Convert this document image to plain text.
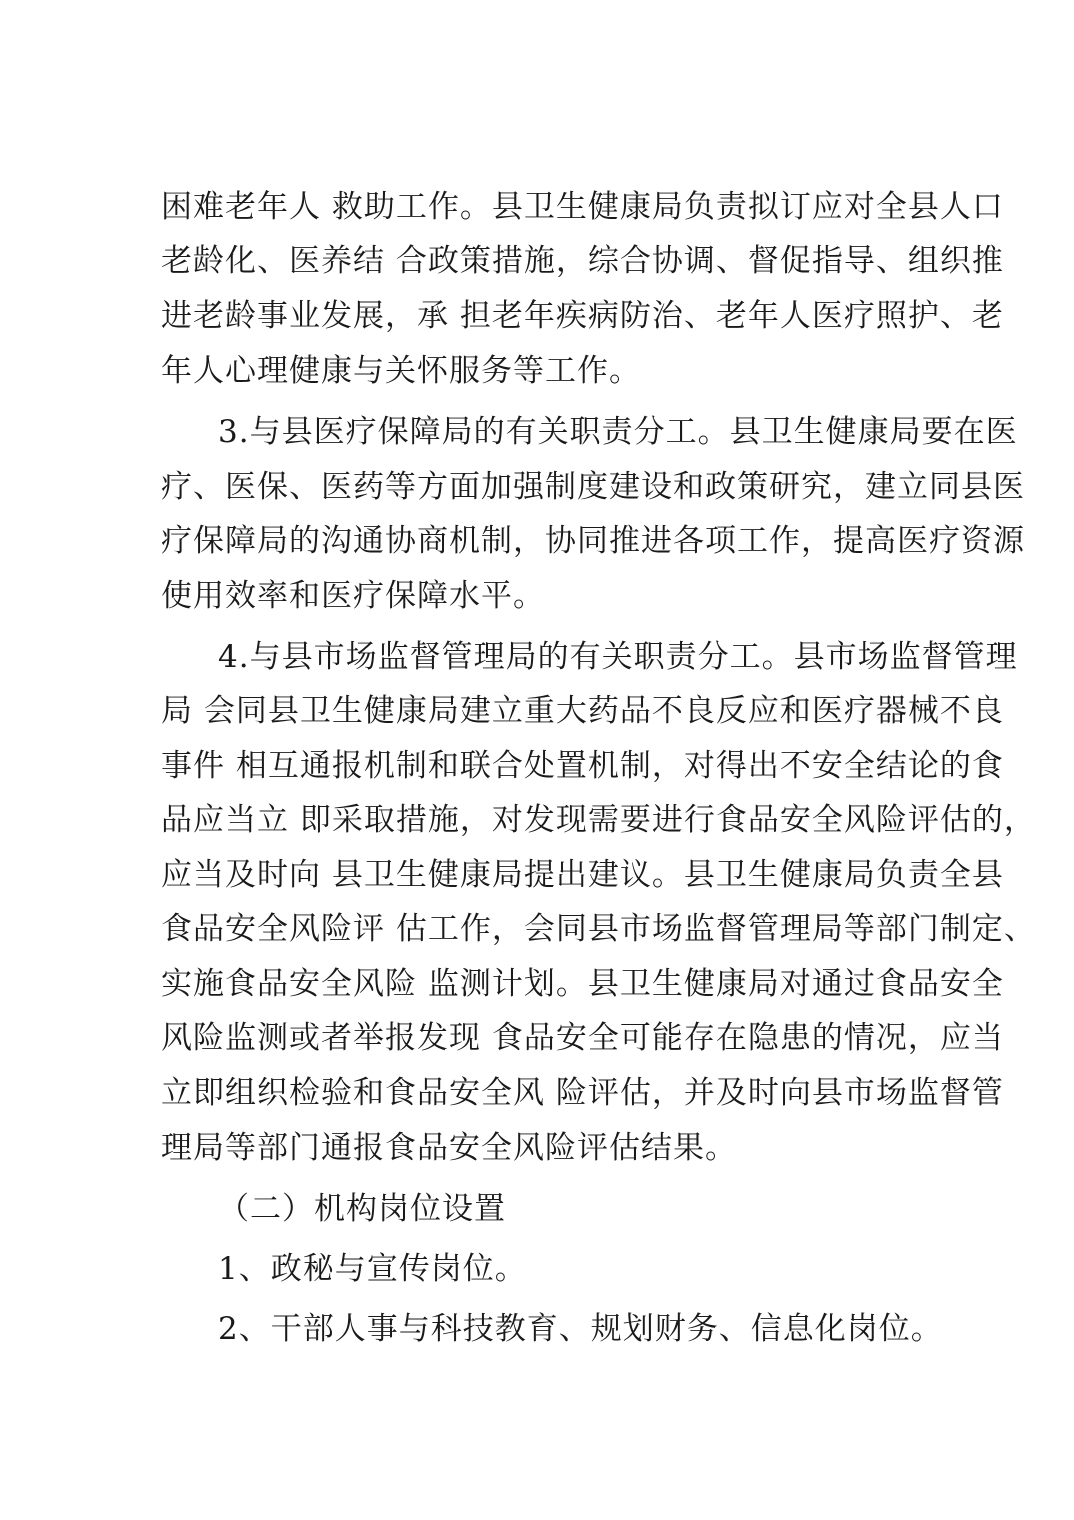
困难老年人 救助工作。县卫生健康局负责拟订应对全县人口
老龄化、医养结 合政策措施，综合协调、督促指导、组织推
进老龄事业发展，承 担老年疾病防治、老年人医疗照护、老
年人心理健康与关怀服务等工作。
3.与县医疗保障局的有关职责分工。县卫生健康局要在医
疗、医保、医药等方面加强制度建设和政策研究，建立同县医
疗保障局的沟通协商机制，协同推进各项工作，提高医疗资源
使用效率和医疗保障水平。
4.与县市场监督管理局的有关职责分工。县市场监督管理
局 会同县卫生健康局建立重大药品不良反应和医疗器械不良
事件 相互通报机制和联合处置机制，对得出不安全结论的食
品应当立 即采取措施，对发现需要进行食品安全风险评估的，
应当及时向 县卫生健康局提出建议。县卫生健康局负责全县
食品安全风险评 估工作，会同县市场监督管理局等部门制定、
实施食品安全风险 监测计划。县卫生健康局对通过食品安全
风险监测或者举报发现 食品安全可能存在隐患的情况，应当
立即组织检验和食品安全风 险评估，并及时向县市场监督管
理局等部门通报食品安全风险评估结果。
（二）机构岗位设置
1、政秘与宣传岗位。
2、干部人事与科技教育、规划财务、信息化岗位。
